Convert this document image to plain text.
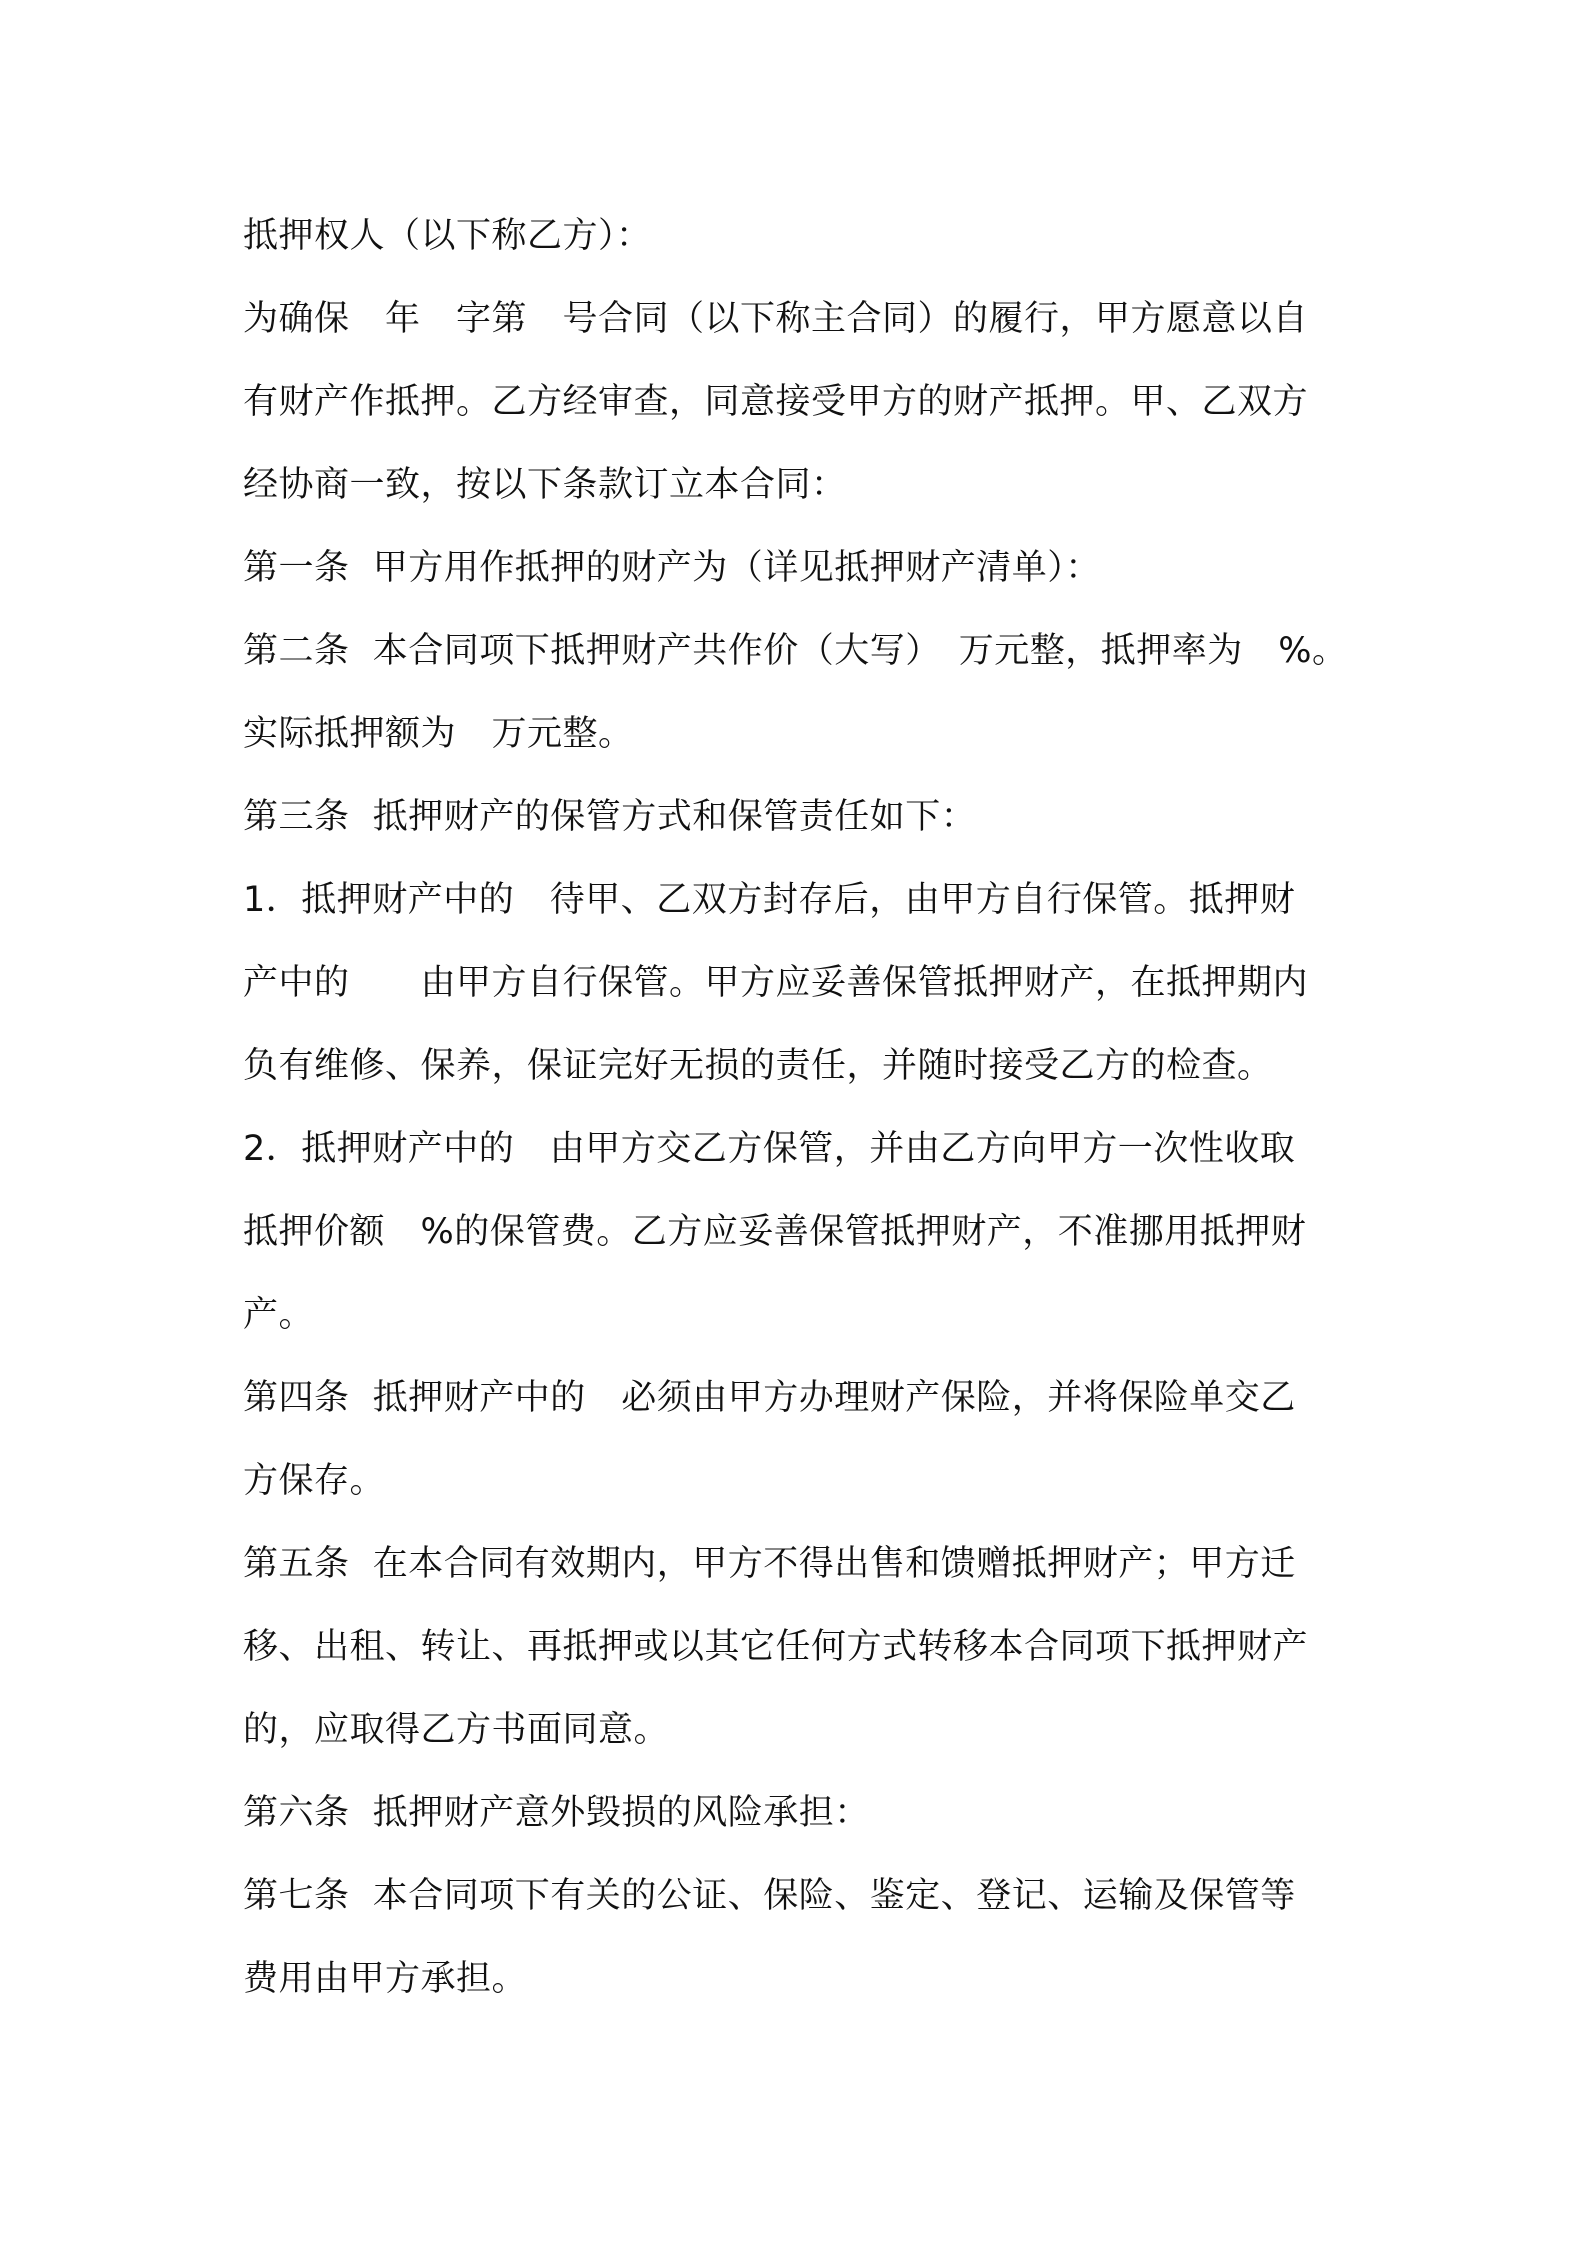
抵押权人（以下称乙方）：
为确保　年　字第　号合同（以下称主合同）的履行，甲方愿意以自
有财产作抵押。乙方经审查，同意接受甲方的财产抵押。甲、乙双方
经协商一致，按以下条款订立本合同：
第一条  甲方用作抵押的财产为（详见抵押财产清单）：
第二条  本合同项下抵押财产共作价（大写）　万元整，抵押率为　%。
实际抵押额为　万元整。
第三条  抵押财产的保管方式和保管责任如下：
1．抵押财产中的　待甲、乙双方封存后，由甲方自行保管。抵押财
产中的　　由甲方自行保管。甲方应妥善保管抵押财产，在抵押期内
负有维修、保养，保证完好无损的责任，并随时接受乙方的检查。
2．抵押财产中的　由甲方交乙方保管，并由乙方向甲方一次性收取
抵押价额　%的保管费。乙方应妥善保管抵押财产，不准挪用抵押财
产。
第四条  抵押财产中的　必须由甲方办理财产保险，并将保险单交乙
方保存。
第五条  在本合同有效期内，甲方不得出售和馈赠抵押财产；甲方迁
移、出租、转让、再抵押或以其它任何方式转移本合同项下抵押财产
的，应取得乙方书面同意。
第六条  抵押财产意外毁损的风险承担：
第七条  本合同项下有关的公证、保险、鉴定、登记、运输及保管等
费用由甲方承担。
